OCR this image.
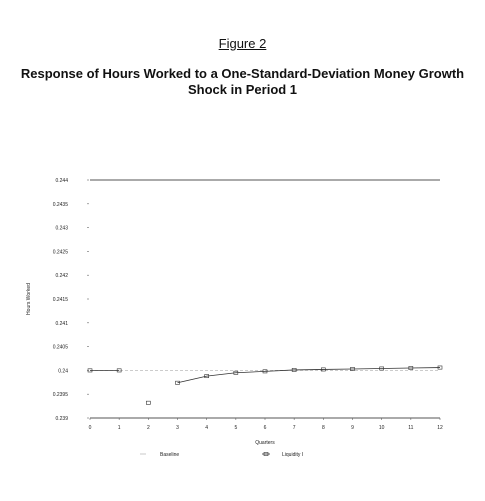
Figure 2
Response of Hours Worked to a One-Standard-Deviation Money Growth
Shock in Period 1
0.239
0.2395
0.24
0.2405
0.241
0.2415
0.242
0.2425
0.243
0.2435
0.244
0	1	2	3	4	5	6	7	8	9	10	11	12
Quarters
Hours Worked
Baseline	Liquidity I
